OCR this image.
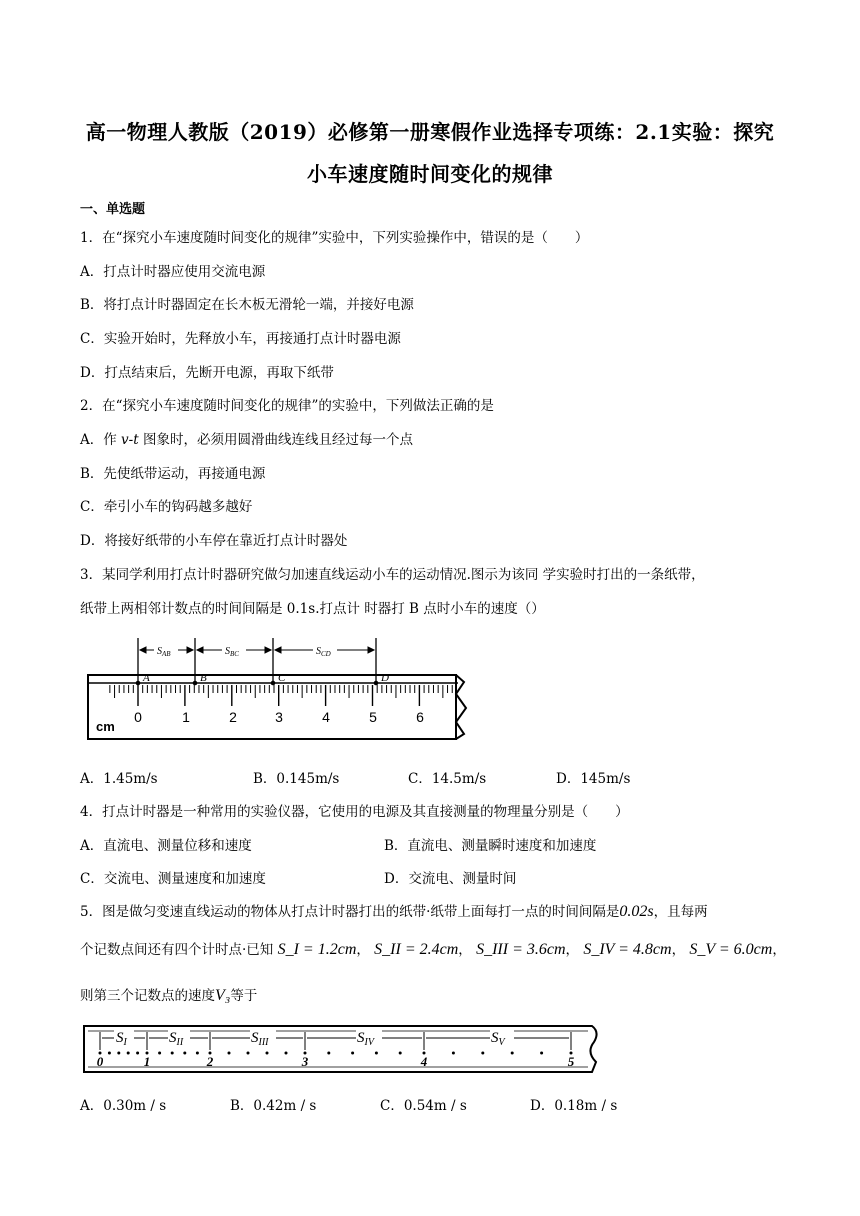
高一物理人教版（2019）必修第一册寒假作业选择专项练：2.1实验：探究
小车速度随时间变化的规律
一、单选题
1．在“探究小车速度随时间变化的规律”实验中，下列实验操作中，错误的是（　　）
A．打点计时器应使用交流电源
B．将打点计时器固定在长木板无滑轮一端，并接好电源
C．实验开始时，先释放小车，再接通打点计时器电源
D．打点结束后，先断开电源，再取下纸带
2．在“探究小车速度随时间变化的规律”的实验中，下列做法正确的是
A．作 v-t 图象时，必须用圆滑曲线连线且经过每一个点
B．先使纸带运动，再接通电源
C．牵引小车的钩码越多越好
D．将接好纸带的小车停在靠近打点计时器处
3．某同学利用打点计时器研究做匀加速直线运动小车的运动情况.图示为该同 学实验时打出的一条纸带，
纸带上两相邻计数点的时间间隔是 0.1s.打点计 时器打 B 点时小车的速度（）
cm
0	1	2	3	4	5	6
A	B	C	D
$S_{AB}$	$S_{BC}$	$S_{CD}$
A．1.45m/s	B．0.145m/s	C．14.5m/s	D．145m/s
4．打点计时器是一种常用的实验仪器，它使用的电源及其直接测量的物理量分别是（　　）
A．直流电、测量位移和速度	B．直流电、测量瞬时速度和加速度
C．交流电、测量速度和加速度	D．交流电、测量时间
5．图是做匀变速直线运动的物体从打点计时器打出的纸带·纸带上面每打一点的时间间隔是0.02s，且每两
个记数点间还有四个计时点·已知 S_I = 1.2cm， S_II = 2.4cm， S_III = 3.6cm， S_IV = 4.8cm， S_V = 6.0cm，
则第三个记数点的速度V₃等于
$S_I$	$S_{II}$	$S_{III}$	$S_{IV}$	$S_V$
0	1	2	3	4	5
A．0.30m / s	B．0.42m / s	C．0.54m / s	D．0.18m / s
